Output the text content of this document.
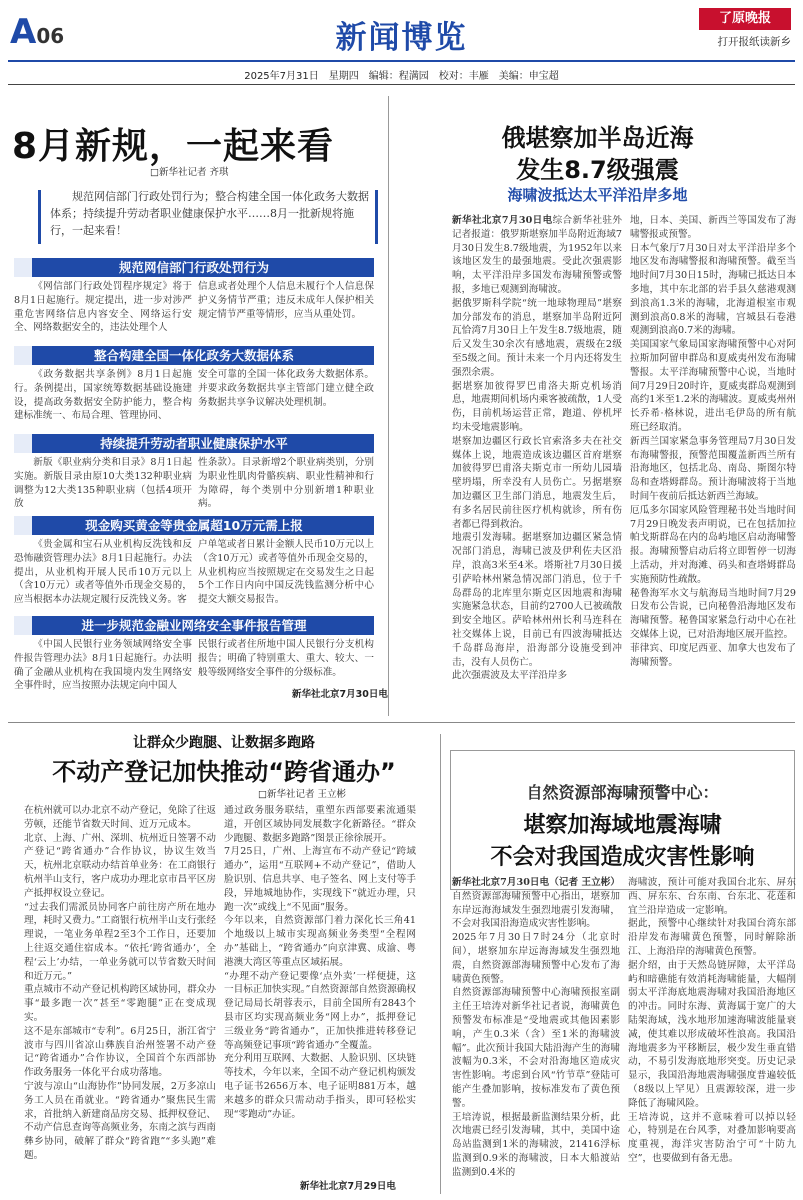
A06	新闻博览
了原晚报
打开报纸读新乡
2025年7月31日　星期四　编辑：程满园　校对：丰雁　美编：申宝超
8月新规，一起来看
□新华社记者 齐琪
规范网信部门行政处罚行为；整合构建全国一体化政务大数据体系；持续提升劳动者职业健康保护水平……8月一批新规将施行，一起来看！
规范网信部门行政处罚行为

《网信部门行政处罚程序规定》将于8月1日起施行。规定提出，进一步对涉严重危害网络信息内容安全、网络运行安全、网络数据安全的，违法处理个人

信息或者处理个人信息未履行个人信息保护义务情节严重；违反未成年人保护相关规定情节严重等情形，应当从重处罚。

整合构建全国一体化政务大数据体系

《政务数据共享条例》8月1日起施行。条例提出，国家统筹数据基础设施建设，提高政务数据安全防护能力，整合构建标准统一、布局合理、管理协同、

安全可靠的全国一体化政务大数据体系。并要求政务数据共享主管部门建立健全政务数据共享争议解决处理机制。

持续提升劳动者职业健康保护水平

新版《职业病分类和目录》8月1日起实施。新版目录由原10大类132种职业病调整为12大类135种职业病（包括4项开放

性条款）。目录新增2个职业病类别，分别为职业性肌肉骨骼疾病、职业性精神和行为障碍，每个类别中分别新增1种职业病。

现金购买黄金等贵金属超10万元需上报

《贵金属和宝石从业机构反洗钱和反恐怖融资管理办法》8月1日起施行。办法提出，从业机构开展人民币10万元以上（含10万元）或者等值外币现金交易的，应当根据本办法规定履行反洗钱义务。客

户单笔或者日累计金额人民币10万元以上（含10万元）或者等值外币现金交易的，从业机构应当按照规定在交易发生之日起5个工作日内向中国反洗钱监测分析中心提交大额交易报告。

进一步规范金融业网络安全事件报告管理

《中国人民银行业务领域网络安全事件报告管理办法》8月1日起施行。办法明确了金融从业机构在我国境内发生网络安全事件时，应当按照办法规定向中国人

民银行或者住所地中国人民银行分支机构报告；明确了特别重大、重大、较大、一般等级网络安全事件的分级标准。

新华社北京7月30日电
俄堪察加半岛近海
发生8.7级强震
海啸波抵达太平洋沿岸多地
新华社北京7月30日电综合新华社驻外记者报道：俄罗斯堪察加半岛附近海域7月30日发生8.7级地震，为1952年以来该地区发生的最强地震。受此次强震影响，太平洋沿岸多国发布海啸预警或警报，多地已观测到海啸波。
据俄罗斯科学院“统一地球物理局”堪察加分部发布的消息，堪察加半岛附近阿瓦恰湾7月30日上午发生8.7级地震，随后又发生30余次有感地震，震级在2级至5级之间。预计未来一个月内还将发生强烈余震。
据堪察加彼得罗巴甫洛夫斯克机场消息，地震期间机场内乘客被疏散，1人受伤，目前机场运营正常，跑道、停机坪均未受地震影响。
堪察加边疆区行政长官索洛多夫在社交媒体上说，地震造成该边疆区首府堪察加彼得罗巴甫洛夫斯克市一所幼儿园墙壁坍塌，所幸没有人员伤亡。另据堪察加边疆区卫生部门消息，地震发生后，有多名居民前往医疗机构就诊，所有伤者都已得到救治。
地震引发海啸。据堪察加边疆区紧急情况部门消息，海啸已波及伊利佐夫区沿岸，浪高3米至4米。塔斯社7月30日援引萨哈林州紧急情况部门消息，位于千岛群岛的北库里尔斯克区因地震和海啸实施紧急状态，目前约2700人已被疏散到安全地区。萨哈林州州长利马连科在社交媒体上说，目前已有四波海啸抵达千岛群岛海岸，沿海部分设施受到冲击，没有人员伤亡。
此次强震波及太平洋沿岸多
地，日本、美国、新西兰等国发布了海啸警报或预警。
日本气象厅7月30日对太平洋沿岸多个地区发布海啸警报和海啸预警。截至当地时间7月30日15时，海啸已抵达日本多地，其中东北部的岩手县久慈港观测到浪高1.3米的海啸，北海道根室市观测到浪高0.8米的海啸，宫城县石卷港观测到浪高0.7米的海啸。
美国国家气象局国家海啸预警中心对阿拉斯加阿留申群岛和夏威夷州发布海啸警报。太平洋海啸预警中心说，当地时间7月29日20时许，夏威夷群岛观测到高约1米至1.2米的海啸波。夏威夷州州长乔希·格林说，进出毛伊岛的所有航班已经取消。
新西兰国家紧急事务管理局7月30日发布海啸警报，预警范围覆盖新西兰所有沿海地区，包括北岛、南岛、斯图尔特岛和查塔姆群岛。预计海啸波将于当地时间午夜前后抵达新西兰海域。
厄瓜多尔国家风险管理秘书处当地时间7月29日晚发表声明说，已在包括加拉帕戈斯群岛在内的岛屿地区启动海啸警报。海啸预警启动后将立即暂停一切海上活动，并对海滩、码头和查塔姆群岛实施预防性疏散。
秘鲁海军水文与航海局当地时间7月29日发布公告说，已向秘鲁沿海地区发布海啸预警。秘鲁国家紧急行动中心在社交媒体上说，已对沿海地区展开监控。
菲律宾、印度尼西亚、加拿大也发布了海啸预警。
让群众少跑腿、让数据多跑路
不动产登记加快推动“跨省通办”
□新华社记者 王立彬
在杭州就可以办北京不动产登记，免除了往返劳顿，还能节省数天时间、近万元成本。
北京、上海、广州、深圳、杭州近日签署不动产登记“跨省通办”合作协议，协议生效当天，杭州北京联动办结首单业务：在工商银行杭州半山支行，客户成功办理北京市昌平区房产抵押权设立登记。
“过去我们需派员协同客户前往房产所在地办理，耗时又费力。”工商银行杭州半山支行张经理说，一笔业务单程2至3个工作日，还要加上往返交通住宿成本。“依托‘跨省通办’，全程‘云上’办结，一单业务就可以节省数天时间和近万元。”
重点城市不动产登记机构跨区域协同，群众办事“最多跑一次”甚至“零跑腿”正在变成现实。
这不是东部城市“专利”。6月25日，浙江省宁波市与四川省凉山彝族自治州签署不动产登记“跨省通办”合作协议，全国首个东西部协作政务服务一体化平台成功落地。
宁波与凉山“山海协作”协同发展，2万多凉山务工人员在甬就业。“跨省通办”聚焦民生需求，首批纳入新建商品房交易、抵押权登记、不动产信息查询等高频业务，东南之滨与西南彝乡协同，破解了群众“跨省跑”“多头跑”难题。
通过政务服务联结，重塑东西部要素流通渠道，开创区域协同发展数字化新路径。“群众少跑腿、数据多跑路”图景正徐徐展开。
7月25日，广州、上海宣布不动产登记“跨域通办”，运用“互联网+不动产登记”，借助人脸识别、信息共享、电子签名、网上支付等手段，异地城地协作，实现线下“就近办理，只跑一次”或线上“不见面”服务。
今年以来，自然资源部门着力深化长三角41个地级以上城市实现高频业务类型“全程网办”基础上，“跨省通办”向京津冀、成渝、粤港澳大湾区等重点区域拓展。
“办理不动产登记要像‘点外卖’一样便捷，这一目标正加快实现。”自然资源部自然资源确权登记局局长胡蓉表示，目前全国所有2843个县市区均实现高频业务“网上办”，抵押登记三级业务“跨省通办”，正加快推进转移登记等高频登记事项“跨省通办”全覆盖。
充分利用互联网、大数据、人脸识别、区块链等技术，今年以来，全国不动产登记机构颁发电子证书2656万本、电子证明881万本，越来越多的群众只需动动手指头，即可轻松实现“零跑动”办证。
新华社北京7月29日电
自然资源部海啸预警中心：
堪察加海域地震海啸
不会对我国造成灾害性影响
新华社北京7月30日电（记者 王立彬）自然资源部海啸预警中心指出，堪察加东岸远海海域发生强烈地震引发海啸，不会对我国沿海造成灾害性影响。
2025年7月30日7时24分（北京时间），堪察加东岸远海海域发生强烈地震，自然资源部海啸预警中心发布了海啸黄色预警。
自然资源部海啸预警中心海啸预报室副主任王培涛对新华社记者说，海啸黄色预警发布标准是“受地震或其他因素影响，产生0.3米（含）至1米的海啸波幅”。此次预计我国大陆沿海产生的海啸波幅为0.3米，不会对沿海地区造成灾害性影响。考虑到台风“竹节草”登陆可能产生叠加影响，按标准发布了黄色预警。
王培涛说，根据最新监测结果分析，此次地震已经引发海啸，其中，美国中途岛站监测到1米的海啸波，21416浮标监测到0.9米的海啸波，日本大船渡站监测到0.4米的
海啸波，预计可能对我国台北东、屏东西、屏东东、台东南、台东北、花莲和宜兰沿岸造成一定影响。
据此，预警中心继续针对我国台湾东部沿岸发布海啸黄色预警，同时解除浙江、上海沿岸的海啸黄色预警。
据介绍，由于天然岛链屏障，太平洋岛屿和暗礁能有效消耗海啸能量，大幅削弱太平洋海底地震海啸对我国沿海地区的冲击。同时东海、黄海属于宽广的大陆架海域，浅水地形加速海啸波能量衰减，使其难以形成破坏性浪高。我国沿海地震多为平移断层，极少发生垂直错动，不易引发海底地形突变。历史记录显示，我国沿海地震海啸强度普遍较低（8级以上罕见）且震源较深，进一步降低了海啸风险。
王培涛说，这并不意味着可以掉以轻心，特别是在台风季，对叠加影响要高度重视，海洋灾害防治宁可“十防九空”，也要做到有备无患。
